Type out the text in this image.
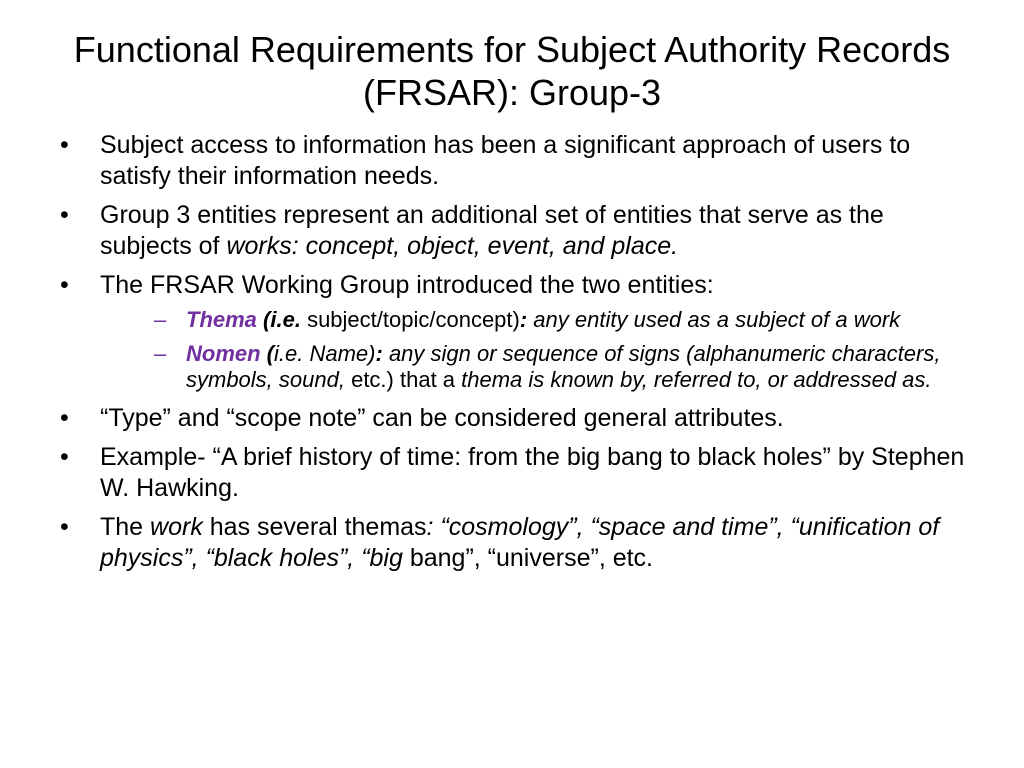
Functional Requirements for Subject Authority Records
(FRSAR): Group-3
•	Subject access to information has been a significant approach of users to satisfy their information needs.
•	Group 3 entities represent an additional set of entities that serve as the subjects of works: concept, object, event, and place.
•	The FRSAR Working Group introduced the two entities:
– Thema (i.e. subject/topic/concept): any entity used as a subject of a work
– Nomen (i.e. Name): any sign or sequence of signs (alphanumeric characters, symbols, sound, etc.) that a thema is known by, referred to, or addressed as.
•	“Type” and “scope note” can be considered general attributes.
•	Example- “A brief history of time: from the big bang to black holes” by Stephen W. Hawking.
•	The work has several themas: “cosmology”, “space and time”, “unification of physics”, “black holes”, “big bang”, “universe”, etc.
